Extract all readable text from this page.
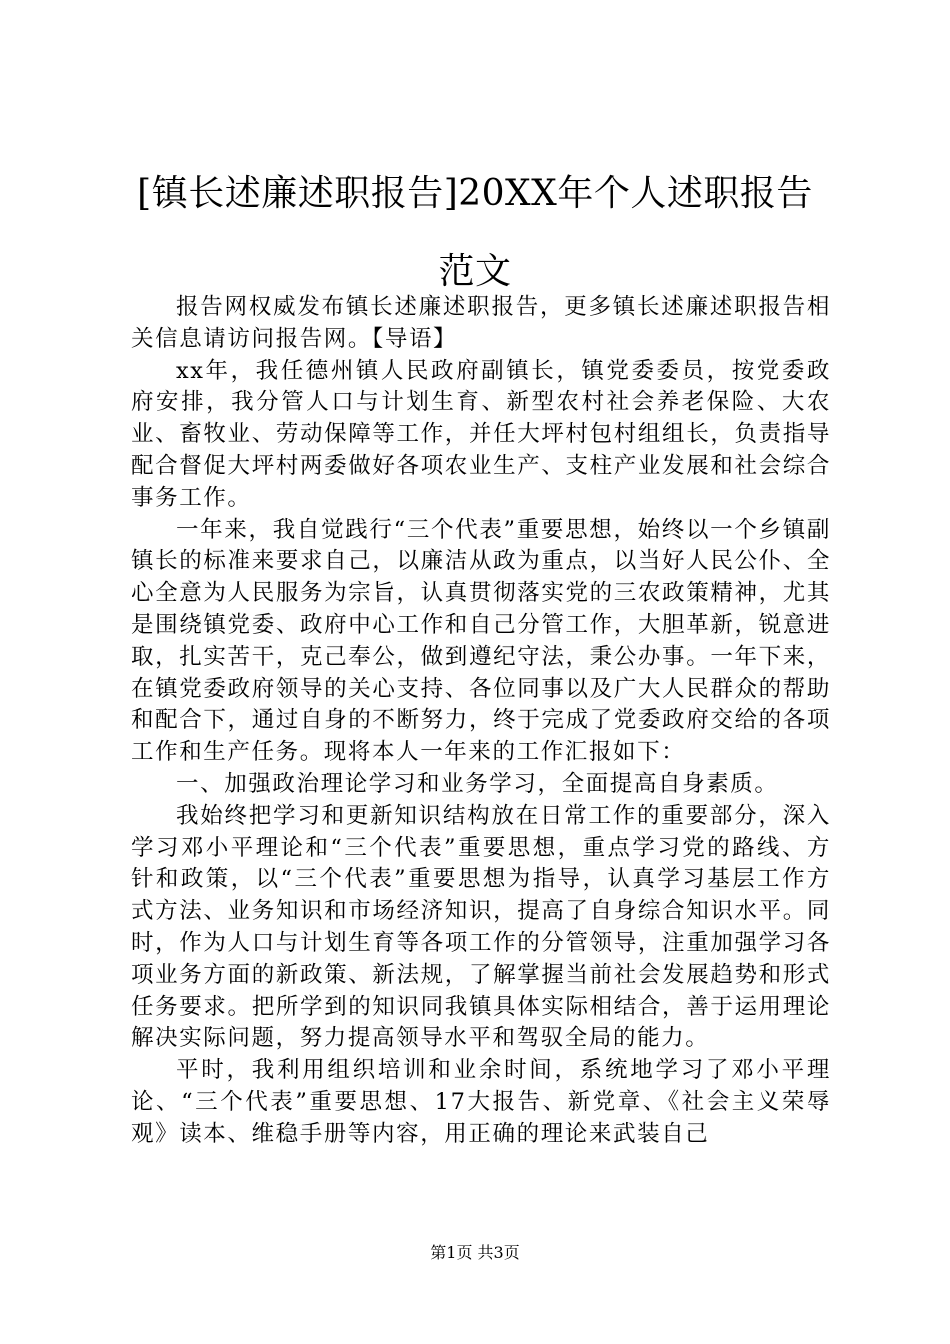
[镇长述廉述职报告]20XX年个人述职报告范文

报告网权威发布镇长述廉述职报告，更多镇长述廉述职报告相关信息请访问报告网。【导语】

xx年，我任德州镇人民政府副镇长，镇党委委员，按党委政府安排，我分管人口与计划生育、新型农村社会养老保险、大农业、畜牧业、劳动保障等工作，并任大坪村包村组组长，负责指导配合督促大坪村两委做好各项农业生产、支柱产业发展和社会综合事务工作。

一年来，我自觉践行“三个代表”重要思想，始终以一个乡镇副镇长的标准来要求自己，以廉洁从政为重点，以当好人民公仆、全心全意为人民服务为宗旨，认真贯彻落实党的三农政策精神，尤其是围绕镇党委、政府中心工作和自己分管工作，大胆革新，锐意进取，扎实苦干，克己奉公，做到遵纪守法，秉公办事。一年下来，在镇党委政府领导的关心支持、各位同事以及广大人民群众的帮助和配合下，通过自身的不断努力，终于完成了党委政府交给的各项工作和生产任务。现将本人一年来的工作汇报如下：

一、加强政治理论学习和业务学习，全面提高自身素质。

我始终把学习和更新知识结构放在日常工作的重要部分，深入学习邓小平理论和“三个代表”重要思想，重点学习党的路线、方针和政策，以“三个代表”重要思想为指导，认真学习基层工作方式方法、业务知识和市场经济知识，提高了自身综合知识水平。同时，作为人口与计划生育等各项工作的分管领导，注重加强学习各项业务方面的新政策、新法规，了解掌握当前社会发展趋势和形式任务要求。把所学到的知识同我镇具体实际相结合，善于运用理论解决实际问题，努力提高领导水平和驾驭全局的能力。

平时，我利用组织培训和业余时间，系统地学习了邓小平理论、“三个代表”重要思想、17大报告、新党章、《社会主义荣辱观》读本、维稳手册等内容，用正确的理论来武装自己

第1页 共3页
